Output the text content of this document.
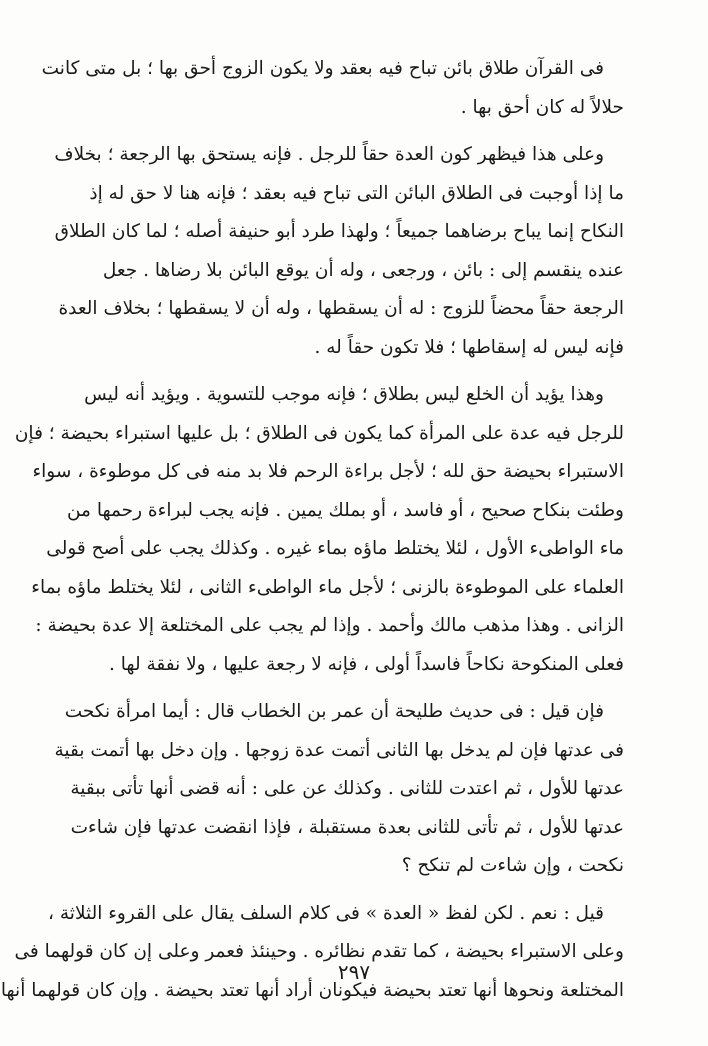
فى القرآن طلاق بائن تباح فيه بعقد ولا يكون الزوج أحق بها ؛ بل متى كانت
حلالاً له كان أحق بها .

وعلى هذا فيظهر كون العدة حقاً للرجل . فإنه يستحق بها الرجعة ؛ بخلاف
ما إذا أوجبت فى الطلاق البائن التى تباح فيه بعقد ؛ فإنه هنا لا حق له إذ
النكاح إنما يباح برضاهما جميعاً ؛ ولهذا طرد أبو حنيفة أصله ؛ لما كان الطلاق
عنده ينقسم إلى : بائن ، ورجعى ، وله أن يوقع البائن بلا رضاها . جعل
الرجعة حقاً محضاً للزوج : له أن يسقطها ، وله أن لا يسقطها ؛ بخلاف العدة
فإنه ليس له إسقاطها ؛ فلا تكون حقاً له .

وهذا يؤيد أن الخلع ليس بطلاق ؛ فإنه موجب للتسوية . ويؤيد أنه ليس
للرجل فيه عدة على المرأة كما يكون فى الطلاق ؛ بل عليها استبراء بحيضة ؛ فإن
الاستبراء بحيضة حق لله ؛ لأجل براءة الرحم فلا بد منه فى كل موطوءة ، سواء
وطئت بنكاح صحيح ، أو فاسد ، أو بملك يمين . فإنه يجب لبراءة رحمها من
ماء الواطىء الأول ، لئلا يختلط ماؤه بماء غيره . وكذلك يجب على أصح قولى
العلماء على الموطوءة بالزنى ؛ لأجل ماء الواطىء الثانى ، لئلا يختلط ماؤه بماء
الزانى . وهذا مذهب مالك وأحمد . وإذا لم يجب على المختلعة إلا عدة بحيضة :
فعلى المنكوحة نكاحاً فاسداً أولى ، فإنه لا رجعة عليها ، ولا نفقة لها .

فإن قيل : فى حديث طليحة أن عمر بن الخطاب قال : أيما امرأة نكحت
فى عدتها فإن لم يدخل بها الثانى أتمت عدة زوجها . وإن دخل بها أتمت بقية
عدتها للأول ، ثم اعتدت للثانى . وكذلك عن على : أنه قضى أنها تأتى ببقية
عدتها للأول ، ثم تأتى للثانى بعدة مستقبلة ، فإذا انقضت عدتها فإن شاءت
نكحت ، وإن شاءت لم تنكح ؟

قيل : نعم . لكن لفظ « العدة » فى كلام السلف يقال على القروء الثلاثة ،
وعلى الاستبراء بحيضة ، كما تقدم نظائره . وحينئذ فعمر وعلى إن كان قولهما فى
المختلعة ونحوها أنها تعتد بحيضة فيكونان أراد أنها تعتد بحيضة . وإن كان قولهما أنها

٢٩٧
